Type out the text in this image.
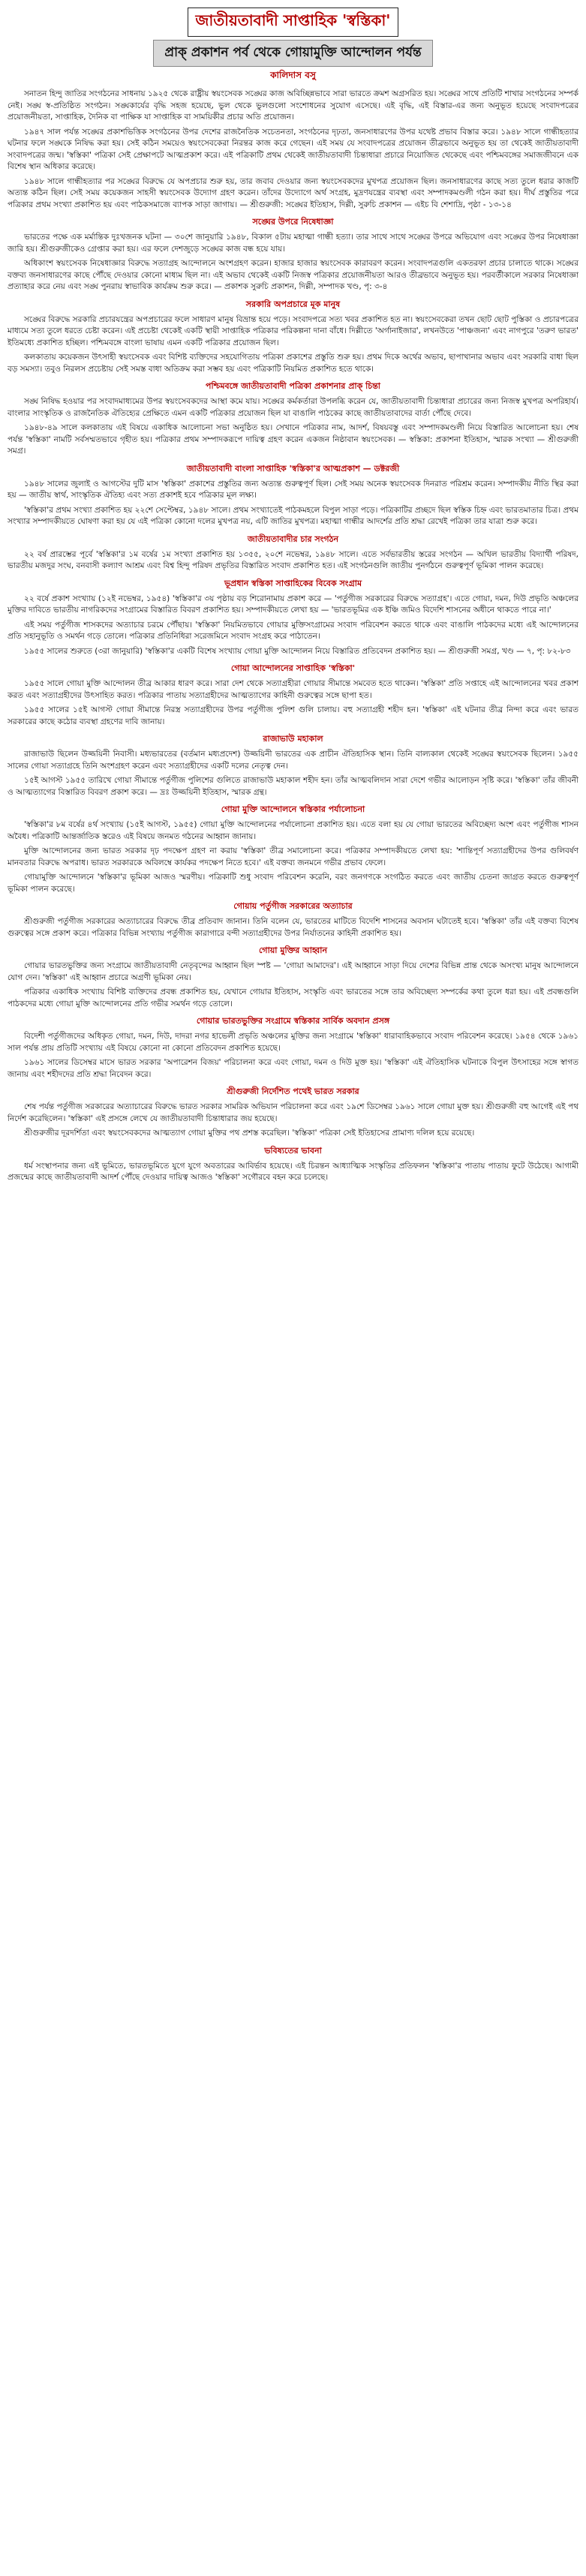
জাতীয়তাবাদী সাপ্তাহিক 'স্বস্তিকা'
প্রাক্ প্রকাশন পর্ব থেকে গোয়ামুক্তি আন্দোলন পর্যন্ত
কালিদাস বসু

সনাতন হিন্দু জাতির সংগঠনের সাধনায় ১৯২৫ থেকে রাষ্ট্রীয় স্বয়ংসেবক সঙ্ঘের কাজ অবিচ্ছিন্নভাবে সারা ভারতে ক্রমশ অগ্রসরিত হয়। সঙ্ঘের সাথে প্রতিটি শাখার সংগঠনের সম্পর্ক নেই। সঙ্ঘ স্ব-প্রতিষ্ঠিত সংগঠন। সঙ্ঘকার্যের বৃদ্ধি সহজ হয়েছে, ভুল থেকে ভুলগুলো সংশোধনের সুযোগ এসেছে। এই বৃদ্ধি, এই বিস্তার-এর জন্য অনুভূত হয়েছে সংবাদপত্রের প্রয়োজনীয়তা, সাপ্তাহিক, দৈনিক বা পাক্ষিক যা সাপ্তাহিক বা সাময়িকীর প্রচার অতি প্রয়োজন।

১৯৪৭ সাল পর্যন্ত সঙ্ঘের প্রকাশভিত্তিক সংগঠনের উপর দেশের রাজনৈতিক সচেতনতা, সংগঠনের দৃঢ়তা, জনসাধারণের উপর যথেষ্ট প্রভাব বিস্তার করে। ১৯৪৮ সালে গান্ধীহত্যার ঘটনার ফলে সঙ্ঘকে নিষিদ্ধ করা হয়। সেই কঠিন সময়েও স্বয়ংসেবকেরা নিরন্তর কাজ করে গেছেন। এই সময় যে সংবাদপত্রের প্রয়োজন তীব্রভাবে অনুভূত হয় তা থেকেই জাতীয়তাবাদী সংবাদপত্রের জন্ম। 'স্বস্তিকা' পত্রিকা সেই প্রেক্ষাপটে আত্মপ্রকাশ করে। এই পত্রিকাটি প্রথম থেকেই জাতীয়তাবাদী চিন্তাধারা প্রচারে নিয়োজিত থেকেছে এবং পশ্চিমবঙ্গের সমাজজীবনে এক বিশেষ স্থান অধিকার করেছে।

১৯৪৮ সালে গান্ধীহত্যার পর সঙ্ঘের বিরুদ্ধে যে অপপ্রচার শুরু হয়, তার জবাব দেওয়ার জন্য স্বয়ংসেবকদের মুখপত্র প্রয়োজন ছিল। জনসাধারণের কাছে সত্য তুলে ধরার কাজটি অত্যন্ত কঠিন ছিল। সেই সময় কয়েকজন সাহসী স্বয়ংসেবক উদ্যোগ গ্রহণ করেন। তাঁদের উদ্যোগে অর্থ সংগ্রহ, মুদ্রণযন্ত্রের ব্যবস্থা এবং সম্পাদকমণ্ডলী গঠন করা হয়। দীর্ঘ প্রস্তুতির পরে পত্রিকার প্রথম সংখ্যা প্রকাশিত হয় এবং পাঠকসমাজে ব্যাপক সাড়া জাগায়। — শ্রীগুরুজী: সঙ্ঘের ইতিহাস, দিল্লী, সুরুচি প্রকাশন — এইচ বি শেশাদ্রি, পৃষ্ঠা - ১৩-১৪

সঙ্ঘের উপরে নিষেধাজ্ঞা

ভারতের পক্ষে এক মর্মান্তিক দুঃখজনক ঘটনা — ৩০শে জানুয়ারি ১৯৪৮, বিকাল ৫টায় মহাত্মা গান্ধী হত্যা। তার সাথে সাথে সঙ্ঘের উপরে অভিযোগ এবং সঙ্ঘের উপর নিষেধাজ্ঞা জারি হয়। শ্রীগুরুজীকেও গ্রেপ্তার করা হয়। এর ফলে দেশজুড়ে সঙ্ঘের কাজ বন্ধ হয়ে যায়।

অধিকাংশ স্বয়ংসেবক নিষেধাজ্ঞার বিরুদ্ধে সত্যাগ্রহ আন্দোলনে অংশগ্রহণ করেন। হাজার হাজার স্বয়ংসেবক কারাবরণ করেন। সংবাদপত্রগুলি একতরফা প্রচার চালাতে থাকে। সঙ্ঘের বক্তব্য জনসাধারণের কাছে পৌঁছে দেওয়ার কোনো মাধ্যম ছিল না। এই অভাব থেকেই একটি নিজস্ব পত্রিকার প্রয়োজনীয়তা আরও তীব্রভাবে অনুভূত হয়। পরবর্তীকালে সরকার নিষেধাজ্ঞা প্রত্যাহার করে নেয় এবং সঙ্ঘ পুনরায় স্বাভাবিক কার্যক্রম শুরু করে। — প্রকাশক সুরুচি প্রকাশন, দিল্লী, সম্পাদক খণ্ড, পৃ: ৩-৪

সরকারি অপপ্রচারে মূক মানুষ

সঙ্ঘের বিরুদ্ধে সরকারি প্রচারযন্ত্রের অপপ্রচারের ফলে সাধারণ মানুষ বিভ্রান্ত হয়ে পড়ে। সংবাদপত্রে সত্য খবর প্রকাশিত হত না। স্বয়ংসেবকেরা তখন ছোট ছোট পুস্তিকা ও প্রচারপত্রের মাধ্যমে সত্য তুলে ধরতে চেষ্টা করেন। এই প্রচেষ্টা থেকেই একটি স্থায়ী সাপ্তাহিক পত্রিকার পরিকল্পনা দানা বাঁধে। দিল্লীতে 'অর্গানাইজার', লখনউতে 'পাঞ্চজন্য' এবং নাগপুরে 'তরুণ ভারত' ইতিমধ্যে প্রকাশিত হচ্ছিল। পশ্চিমবঙ্গে বাংলা ভাষায় এমন একটি পত্রিকার প্রয়োজন ছিল।

কলকাতায় কয়েকজন উৎসাহী স্বয়ংসেবক এবং বিশিষ্ট ব্যক্তিদের সহযোগিতায় পত্রিকা প্রকাশের প্রস্তুতি শুরু হয়। প্রথম দিকে অর্থের অভাব, ছাপাখানার অভাব এবং সরকারি বাধা ছিল বড় সমস্যা। তবুও নিরলস প্রচেষ্টায় সেই সমস্ত বাধা অতিক্রম করা সম্ভব হয় এবং পত্রিকাটি নিয়মিত প্রকাশিত হতে থাকে।

পশ্চিমবঙ্গে জাতীয়তাবাদী পত্রিকা প্রকাশনার প্রাক্ চিন্তা

সঙ্ঘ নিষিদ্ধ হওয়ার পর সংবাদমাধ্যমের উপর স্বয়ংসেবকদের আস্থা কমে যায়। সঙ্ঘের কর্মকর্তারা উপলব্ধি করেন যে, জাতীয়তাবাদী চিন্তাধারা প্রচারের জন্য নিজস্ব মুখপত্র অপরিহার্য। বাংলার সাংস্কৃতিক ও রাজনৈতিক ঐতিহ্যের প্রেক্ষিতে এমন একটি পত্রিকার প্রয়োজন ছিল যা বাঙালি পাঠকের কাছে জাতীয়তাবাদের বার্তা পৌঁছে দেবে।

১৯৪৮-৪৯ সালে কলকাতায় এই বিষয়ে একাধিক আলোচনা সভা অনুষ্ঠিত হয়। সেখানে পত্রিকার নাম, আদর্শ, বিষয়বস্তু এবং সম্পাদকমণ্ডলী নিয়ে বিস্তারিত আলোচনা হয়। শেষ পর্যন্ত 'স্বস্তিকা' নামটি সর্বসম্মতভাবে গৃহীত হয়। পত্রিকার প্রথম সম্পাদকরূপে দায়িত্ব গ্রহণ করেন একজন নিষ্ঠাবান স্বয়ংসেবক। — স্বস্তিকা: প্রকাশনা ইতিহাস, স্মারক সংখ্যা — শ্রীগুরুজী সমগ্র।

জাতীয়তাবাদী বাংলা সাপ্তাহিক 'স্বস্তিকা'র আত্মপ্রকাশ — ডক্টরজী

১৯৪৮ সালের জুলাই ও আগস্টের দুটি মাস 'স্বস্তিকা' প্রকাশের প্রস্তুতির জন্য অত্যন্ত গুরুত্বপূর্ণ ছিল। সেই সময় অনেক স্বয়ংসেবক দিনরাত পরিশ্রম করেন। সম্পাদকীয় নীতি স্থির করা হয় — জাতীয় স্বার্থ, সাংস্কৃতিক ঐতিহ্য এবং সত্য প্রকাশই হবে পত্রিকার মূল লক্ষ্য।

'স্বস্তিকা'র প্রথম সংখ্যা প্রকাশিত হয় ২২শে সেপ্টেম্বর, ১৯৪৮ সালে। প্রথম সংখ্যাতেই পাঠকমহলে বিপুল সাড়া পড়ে। পত্রিকাটির প্রচ্ছদে ছিল স্বস্তিক চিহ্ন এবং ভারতমাতার চিত্র। প্রথম সংখ্যার সম্পাদকীয়তে ঘোষণা করা হয় যে এই পত্রিকা কোনো দলের মুখপত্র নয়, এটি জাতির মুখপত্র। মহাত্মা গান্ধীর আদর্শের প্রতি শ্রদ্ধা রেখেই পত্রিকা তার যাত্রা শুরু করে।

জাতীয়তাবাদীর চার সংগঠন

২২ বর্ষ প্রারম্ভের পূর্বে 'স্বস্তিকা'র ১ম বর্ষের ১ম সংখ্যা প্রকাশিত হয় ১৩৫৫, ২০শে নভেম্বর, ১৯৪৮ সালে। এতে সর্বভারতীয় স্তরের সংগঠন — অখিল ভারতীয় বিদ্যার্থী পরিষদ, ভারতীয় মজদুর সংঘ, বনবাসী কল্যাণ আশ্রম এবং বিশ্ব হিন্দু পরিষদ প্রভৃতির বিস্তারিত সংবাদ প্রকাশিত হত। এই সংগঠনগুলি জাতীয় পুনর্গঠনে গুরুত্বপূর্ণ ভূমিকা পালন করেছে।

ভূপ্রধান স্বস্তিকা সাপ্তাহিকের বিবেক সংগ্রাম

২২ বর্ষে প্রকাশ সংখ্যায় (১২ই নভেম্বর, ১৯৫৪) 'স্বস্তিকা'র ৩য় পৃষ্ঠায় বড় শিরোনামায় প্রকাশ করে — 'পর্তুগীজ সরকারের বিরুদ্ধে সত্যাগ্রহ'। এতে গোয়া, দমন, দিউ প্রভৃতি অঞ্চলের মুক্তির দাবিতে ভারতীয় নাগরিকদের সংগ্রামের বিস্তারিত বিবরণ প্রকাশিত হয়। সম্পাদকীয়তে লেখা হয় — 'ভারতভূমির এক ইঞ্চি জমিও বিদেশি শাসনের অধীনে থাকতে পারে না।'

এই সময় পর্তুগীজ শাসকদের অত্যাচার চরমে পৌঁছায়। 'স্বস্তিকা' নিয়মিতভাবে গোয়ার মুক্তিসংগ্রামের সংবাদ পরিবেশন করতে থাকে এবং বাঙালি পাঠকদের মধ্যে এই আন্দোলনের প্রতি সহানুভূতি ও সমর্থন গড়ে তোলে। পত্রিকার প্রতিনিধিরা সরেজমিনে সংবাদ সংগ্রহ করে পাঠাতেন।

১৯৫৫ সালের শুরুতে (৩রা জানুয়ারি) 'স্বস্তিকা'র একটি বিশেষ সংখ্যায় গোয়া মুক্তি আন্দোলন নিয়ে বিস্তারিত প্রতিবেদন প্রকাশিত হয়। — শ্রীগুরুজী সমগ্র, খণ্ড — ৭, পৃ: ৮২-৮৩

গোয়া আন্দোলনের সাপ্তাহিক 'স্বস্তিকা'

১৯৫৫ সালে গোয়া মুক্তি আন্দোলন তীব্র আকার ধারণ করে। সারা দেশ থেকে সত্যাগ্রহীরা গোয়ার সীমান্তে সমবেত হতে থাকেন। 'স্বস্তিকা' প্রতি সপ্তাহে এই আন্দোলনের খবর প্রকাশ করত এবং সত্যাগ্রহীদের উৎসাহিত করত। পত্রিকার পাতায় সত্যাগ্রহীদের আত্মত্যাগের কাহিনী গুরুত্বের সঙ্গে ছাপা হত।

১৯৫৫ সালের ১৫ই আগস্ট গোয়া সীমান্তে নিরস্ত্র সত্যাগ্রহীদের উপর পর্তুগীজ পুলিশ গুলি চালায়। বহু সত্যাগ্রহী শহীদ হন। 'স্বস্তিকা' এই ঘটনার তীব্র নিন্দা করে এবং ভারত সরকারের কাছে কঠোর ব্যবস্থা গ্রহণের দাবি জানায়।

রাজাভাউ মহাকাল

রাজাভাউ ছিলেন উজ্জয়িনী নিবাসী। মধ্যভারতের (বর্তমান মধ্যপ্রদেশ) উজ্জয়িনী ভারতের এক প্রাচীন ঐতিহাসিক স্থান। তিনি বাল্যকাল থেকেই সঙ্ঘের স্বয়ংসেবক ছিলেন। ১৯৫৫ সালের গোয়া সত্যাগ্রহে তিনি অংশগ্রহণ করেন এবং সত্যাগ্রহীদের একটি দলের নেতৃত্ব দেন।

১৫ই আগস্ট ১৯৫৫ তারিখে গোয়া সীমান্তে পর্তুগীজ পুলিশের গুলিতে রাজাভাউ মহাকাল শহীদ হন। তাঁর আত্মবলিদান সারা দেশে গভীর আলোড়ন সৃষ্টি করে। 'স্বস্তিকা' তাঁর জীবনী ও আত্মত্যাগের বিস্তারিত বিবরণ প্রকাশ করে। — দ্রঃ উজ্জয়িনী ইতিহাস, স্মারক গ্রন্থ।

গোয়া মুক্তি আন্দোলনে স্বস্তিকার পর্যালোচনা

'স্বস্তিকা'র ৮ম বর্ষের ৪র্থ সংখ্যায় (১৫ই আগস্ট, ১৯৫৫) গোয়া মুক্তি আন্দোলনের পর্যালোচনা প্রকাশিত হয়। এতে বলা হয় যে গোয়া ভারতের অবিচ্ছেদ্য অংশ এবং পর্তুগীজ শাসন অবৈধ। পত্রিকাটি আন্তর্জাতিক স্তরেও এই বিষয়ে জনমত গঠনের আহ্বান জানায়।

মুক্তি আন্দোলনের জন্য ভারত সরকার দৃঢ় পদক্ষেপ গ্রহণ না করায় 'স্বস্তিকা' তীব্র সমালোচনা করে। পত্রিকার সম্পাদকীয়তে লেখা হয়: 'শান্তিপূর্ণ সত্যাগ্রহীদের উপর গুলিবর্ষণ মানবতার বিরুদ্ধে অপরাধ। ভারত সরকারকে অবিলম্বে কার্যকর পদক্ষেপ নিতে হবে।' এই বক্তব্য জনমনে গভীর প্রভাব ফেলে।

গোয়ামুক্তি আন্দোলনে 'স্বস্তিকা'র ভূমিকা আজও স্মরণীয়। পত্রিকাটি শুধু সংবাদ পরিবেশন করেনি, বরং জনগণকে সংগঠিত করতে এবং জাতীয় চেতনা জাগ্রত করতে গুরুত্বপূর্ণ ভূমিকা পালন করেছে।

গোয়ায় পর্তুগীজ সরকারের অত্যাচার

শ্রীগুরুজী পর্তুগীজ সরকারের অত্যাচারের বিরুদ্ধে তীব্র প্রতিবাদ জানান। তিনি বলেন যে, ভারতের মাটিতে বিদেশি শাসনের অবসান ঘটাতেই হবে। 'স্বস্তিকা' তাঁর এই বক্তব্য বিশেষ গুরুত্বের সঙ্গে প্রকাশ করে। পত্রিকার বিভিন্ন সংখ্যায় পর্তুগীজ কারাগারে বন্দী সত্যাগ্রহীদের উপর নির্যাতনের কাহিনী প্রকাশিত হয়।

গোয়া মুক্তির আহ্বান

গোয়ার ভারতভুক্তির জন্য সংগ্রামে জাতীয়তাবাদী নেতৃবৃন্দের আহ্বান ছিল স্পষ্ট — 'গোয়া আমাদের'। এই আহ্বানে সাড়া দিয়ে দেশের বিভিন্ন প্রান্ত থেকে অসংখ্য মানুষ আন্দোলনে যোগ দেন। 'স্বস্তিকা' এই আহ্বান প্রচারে অগ্রণী ভূমিকা নেয়।

পত্রিকার একাধিক সংখ্যায় বিশিষ্ট ব্যক্তিদের প্রবন্ধ প্রকাশিত হয়, যেখানে গোয়ার ইতিহাস, সংস্কৃতি এবং ভারতের সঙ্গে তার অবিচ্ছেদ্য সম্পর্কের কথা তুলে ধরা হয়। এই প্রবন্ধগুলি পাঠকদের মধ্যে গোয়া মুক্তি আন্দোলনের প্রতি গভীর সমর্থন গড়ে তোলে।

গোয়ার ভারতভুক্তির সংগ্রামে স্বস্তিকার সার্বিক অবদান প্রসঙ্গ

বিদেশী পর্তুগীজদের অধিকৃত গোয়া, দমন, দিউ, দাদরা নগর হাভেলী প্রভৃতি অঞ্চলের মুক্তির জন্য সংগ্রামে 'স্বস্তিকা' ধারাবাহিকভাবে সংবাদ পরিবেশন করেছে। ১৯৫৪ থেকে ১৯৬১ সাল পর্যন্ত প্রায় প্রতিটি সংখ্যায় এই বিষয়ে কোনো না কোনো প্রতিবেদন প্রকাশিত হয়েছে।

১৯৬১ সালের ডিসেম্বর মাসে ভারত সরকার 'অপারেশন বিজয়' পরিচালনা করে এবং গোয়া, দমন ও দিউ মুক্ত হয়। 'স্বস্তিকা' এই ঐতিহাসিক ঘটনাকে বিপুল উৎসাহের সঙ্গে স্বাগত জানায় এবং শহীদদের প্রতি শ্রদ্ধা নিবেদন করে।

শ্রীগুরুজী নির্দেশিত পথেই ভারত সরকার

শেষ পর্যন্ত পর্তুগীজ সরকারের অত্যাচারের বিরুদ্ধে ভারত সরকার সামরিক অভিযান পরিচালনা করে এবং ১৯শে ডিসেম্বর ১৯৬১ সালে গোয়া মুক্ত হয়। শ্রীগুরুজী বহু আগেই এই পথ নির্দেশ করেছিলেন। 'স্বস্তিকা' এই প্রসঙ্গে লেখে যে জাতীয়তাবাদী চিন্তাধারার জয় হয়েছে।

শ্রীগুরুজীর দূরদর্শিতা এবং স্বয়ংসেবকদের আত্মত্যাগ গোয়া মুক্তির পথ প্রশস্ত করেছিল। 'স্বস্তিকা' পত্রিকা সেই ইতিহাসের প্রামাণ্য দলিল হয়ে রয়েছে।

ভবিষ্যতের ভাবনা

ধর্ম সংস্থাপনার জন্য এই ভূমিতে, ভারতভূমিতে যুগে যুগে অবতারের আবির্ভাব হয়েছে। এই চিরন্তন আধ্যাত্মিক সংস্কৃতির প্রতিফলন 'স্বস্তিকা'র পাতায় পাতায় ফুটে উঠেছে। আগামী প্রজন্মের কাছে জাতীয়তাবাদী আদর্শ পৌঁছে দেওয়ার দায়িত্ব আজও 'স্বস্তিকা' সগৌরবে বহন করে চলেছে।
